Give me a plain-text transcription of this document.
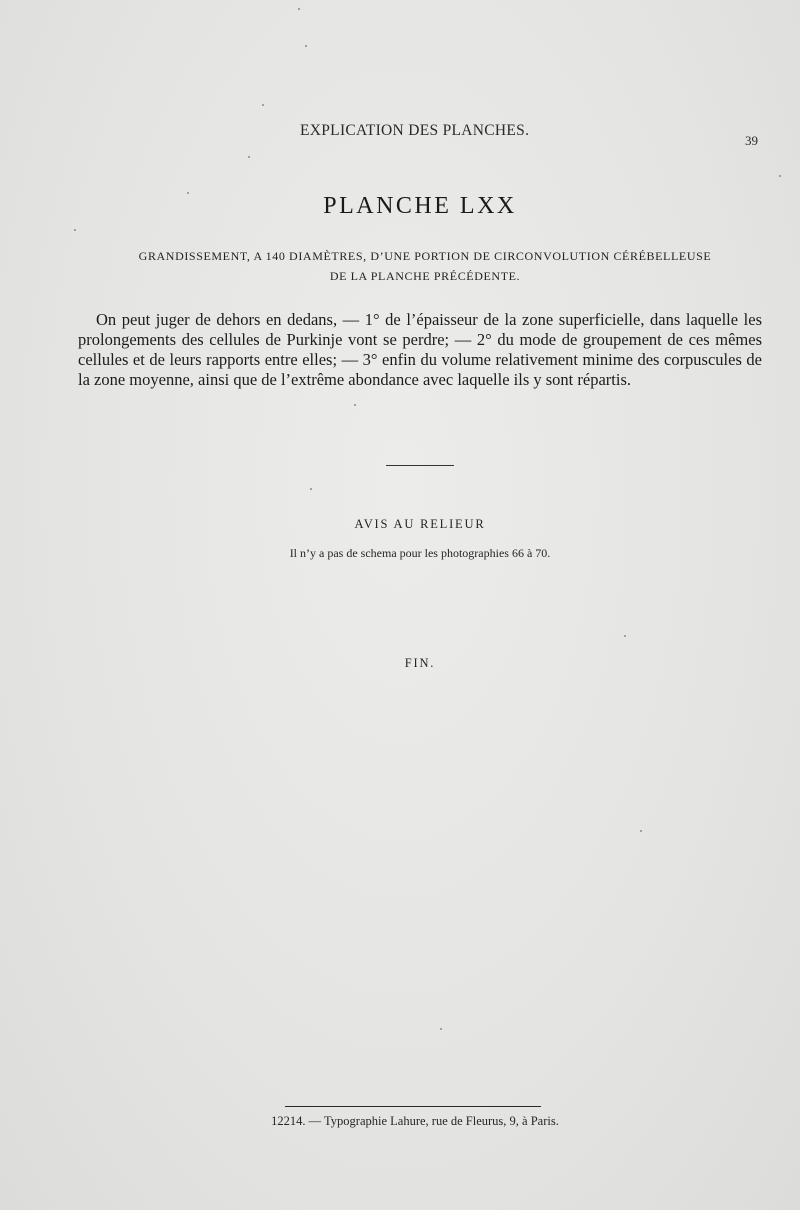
EXPLICATION DES PLANCHES.
39
PLANCHE LXX
GRANDISSEMENT, A 140 DIAMÈTRES, D’UNE PORTION DE CIRCONVOLUTION CÉRÉBELLEUSE
DE LA PLANCHE PRÉCÉDENTE.

On peut juger de dehors en dedans, — 1° de l’épaisseur de la zone superficielle, dans laquelle les prolongements des cellules de Purkinje vont se perdre; — 2° du mode de groupement de ces mêmes cellules et de leurs rapports entre elles; — 3° enfin du volume relativement minime des corpuscules de la zone moyenne, ainsi que de l’extrême abondance avec laquelle ils y sont répartis.

AVIS AU RELIEUR
Il n’y a pas de schema pour les photographies 66 à 70.
FIN.
12214. — Typographie Lahure, rue de Fleurus, 9, à Paris.
